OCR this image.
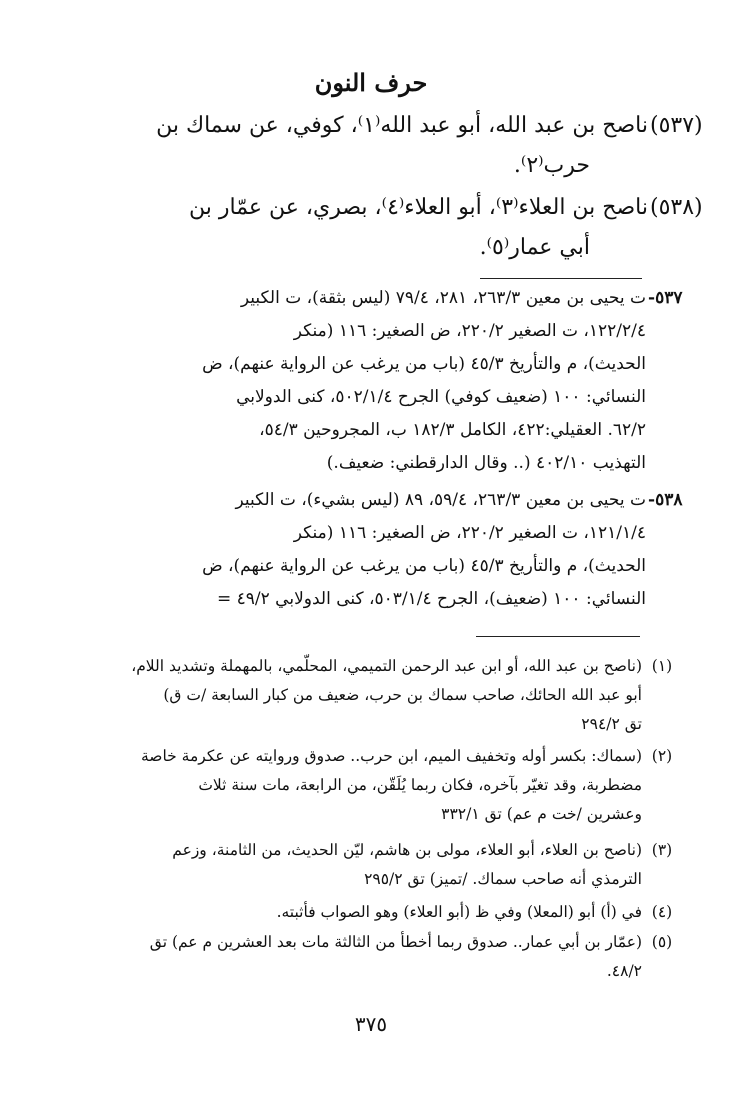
حرف النون
(٥٣٧)
ناصح بن عبد الله، أبو عبد الله⁽١⁾، كوفي، عن سماك بن
حرب⁽٢⁾.
(٥٣٨)
ناصح بن العلاء⁽٣⁾، أبو العلاء⁽٤⁾، بصري، عن عمّار بن
أبي عمار⁽٥⁾.
٥٣٧-
ت يحيى بن معين ٢٦٣/٣، ٢٨١، ٧٩/٤ (ليس بثقة)، ت الكبير
١٢٢/٢/٤، ت الصغير ٢٢٠/٢، ض الصغير: ١١٦ (منكر
الحديث)، م والتأريخ ٤٥/٣ (باب من يرغب عن الرواية عنهم)، ض
النسائي: ١٠٠ (ضعيف كوفي) الجرح ٥٠٢/١/٤، كنى الدولابي
٦٢/٢. العقيلي:٤٢٢، الكامل ١٨٢/٣ ب، المجروحين ٥٤/٣،
التهذيب ٤٠٢/١٠ (.. وقال الدارقطني: ضعيف.)
٥٣٨-
ت يحيى بن معين ٢٦٣/٣، ٥٩/٤، ٨٩ (ليس بشيء)، ت الكبير
١٢١/١/٤، ت الصغير ٢٢٠/٢، ض الصغير: ١١٦ (منكر
الحديث)، م والتأريخ ٤٥/٣ (باب من يرغب عن الرواية عنهم)، ض
النسائي: ١٠٠ (ضعيف)، الجرح ٥٠٣/١/٤، كنى الدولابي ٤٩/٢ =
(١)
(ناصح بن عبد الله، أو ابن عبد الرحمن التميمي، المحلّمي، بالمهملة وتشديد اللام،
أبو عبد الله الحائك، صاحب سماك بن حرب، ضعيف من كبار السابعة /ت ق)
تق ٢٩٤/٢
(٢)
(سماك: بكسر أوله وتخفيف الميم، ابن حرب.. صدوق وروايته عن عكرمة خاصة
مضطربة، وقد تغيّر بآخره، فكان ربما يُلَقّن، من الرابعة، مات سنة ثلاث
وعشرين /خت م عم) تق ٣٣٢/١
(٣)
(ناصح بن العلاء، أبو العلاء، مولى بن هاشم، ليّن الحديث، من الثامنة، وزعم
الترمذي أنه صاحب سماك. /تميز) تق ٢٩٥/٢
(٤)
في (أ) أبو (المعلا) وفي ظ (أبو العلاء) وهو الصواب فأثبته.
(٥)
(عمّار بن أبي عمار.. صدوق ربما أخطأ من الثالثة مات بعد العشرين م عم) تق
٤٨/٢.
٣٧٥
